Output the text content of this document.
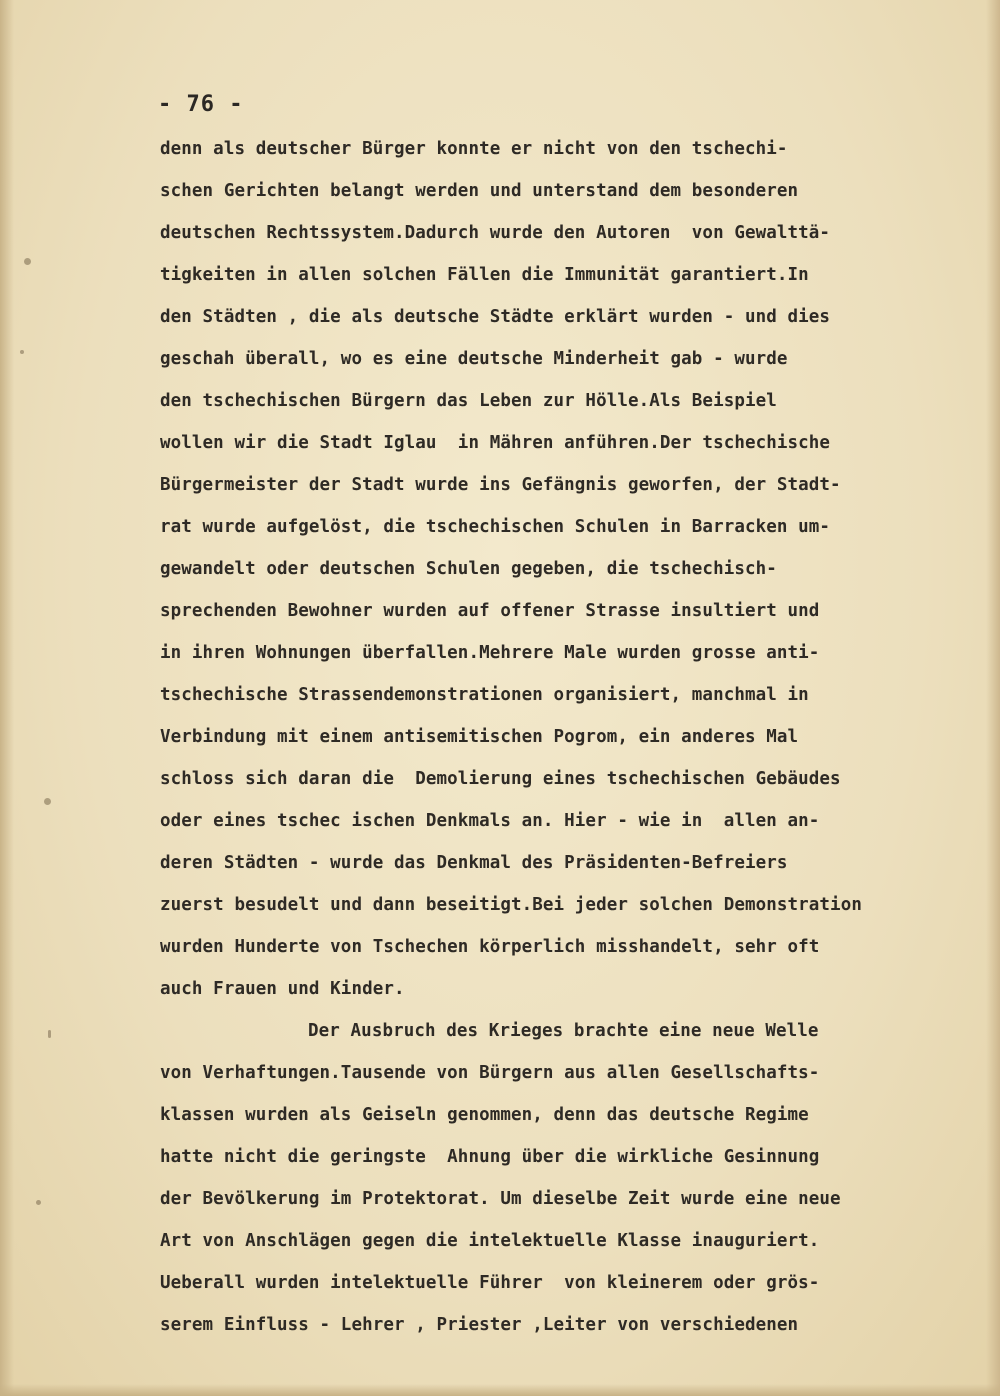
- 76 -
denn als deutscher Bürger konnte er nicht von den tschechi-
schen Gerichten belangt werden und unterstand dem besonderen
deutschen Rechtssystem.Dadurch wurde den Autoren  von Gewalttä-
tigkeiten in allen solchen Fällen die Immunität garantiert.In
den Städten , die als deutsche Städte erklärt wurden - und dies
geschah überall, wo es eine deutsche Minderheit gab - wurde
den tschechischen Bürgern das Leben zur Hölle.Als Beispiel
wollen wir die Stadt Iglau  in Mähren anführen.Der tschechische
Bürgermeister der Stadt wurde ins Gefängnis geworfen, der Stadt-
rat wurde aufgelöst, die tschechischen Schulen in Barracken um-
gewandelt oder deutschen Schulen gegeben, die tschechisch-
sprechenden Bewohner wurden auf offener Strasse insultiert und
in ihren Wohnungen überfallen.Mehrere Male wurden grosse anti-
tschechische Strassendemonstrationen organisiert, manchmal in
Verbindung mit einem antisemitischen Pogrom, ein anderes Mal
schloss sich daran die  Demolierung eines tschechischen Gebäudes
oder eines tschec ischen Denkmals an. Hier - wie in  allen an-
deren Städten - wurde das Denkmal des Präsidenten-Befreiers
zuerst besudelt und dann beseitigt.Bei jeder solchen Demonstration
wurden Hunderte von Tschechen körperlich misshandelt, sehr oft
auch Frauen und Kinder.
Der Ausbruch des Krieges brachte eine neue Welle
von Verhaftungen.Tausende von Bürgern aus allen Gesellschafts-
klassen wurden als Geiseln genommen, denn das deutsche Regime
hatte nicht die geringste  Ahnung über die wirkliche Gesinnung
der Bevölkerung im Protektorat. Um dieselbe Zeit wurde eine neue
Art von Anschlägen gegen die intelektuelle Klasse inauguriert.
Ueberall wurden intelektuelle Führer  von kleinerem oder grös-
serem Einfluss - Lehrer , Priester ,Leiter von verschiedenen
